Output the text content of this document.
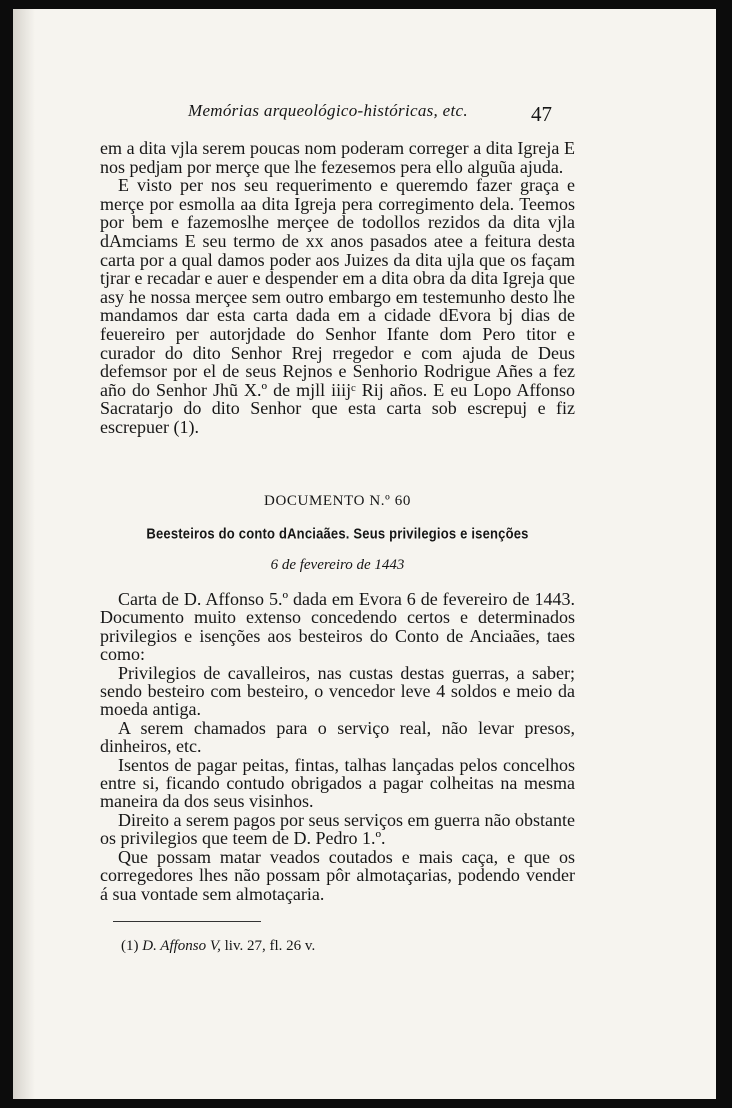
Memórias arqueológico-históricas, etc.	47

em a dita vjla serem poucas nom poderam correger a dita Igreja E nos pedjam por merçe que lhe fezesemos pera ello alguũa ajuda.

E visto per nos seu requerimento e queremdo fazer graça e merçe por esmolla aa dita Igreja pera corregimento dela. Teemos por bem e fazemoslhe merçee de todollos rezidos da dita vjla dAmciams E seu termo de xx anos pasados atee a feitura desta carta por a qual damos poder aos Juizes da dita ujla que os façam tjrar e recadar e auer e despender em a dita obra da dita Igreja que asy he nossa merçee sem outro embargo em testemunho desto lhe mandamos dar esta carta dada em a cidade dEvora bj dias de feuereiro per autorjdade do Senhor Ifante dom Pero titor e curador do dito Senhor Rrej rregedor e com ajuda de Deus defemsor por el de seus Rejnos e Senhorio Rodrigue Añes a fez año do Senhor Jhũ X.º de mjll iiijᶜ Rij años. E eu Lopo Affonso Sacratarjo do dito Senhor que esta carta sob escrepuj e fiz escrepuer (1).

DOCUMENTO N.º 60
Beesteiros do conto dAnciaães. Seus privilegios e isenções
6 de fevereiro de 1443

Carta de D. Affonso 5.º dada em Evora 6 de fevereiro de 1443. Documento muito extenso concedendo certos e determinados privilegios e isenções aos besteiros do Conto de Anciaães, taes como:

Privilegios de cavalleiros, nas custas destas guerras, a saber; sendo besteiro com besteiro, o vencedor leve 4 soldos e meio da moeda antiga.

A serem chamados para o serviço real, não levar presos, dinheiros, etc.

Isentos de pagar peitas, fintas, talhas lançadas pelos concelhos entre si, ficando contudo obrigados a pagar colheitas na mesma maneira da dos seus visinhos.

Direito a serem pagos por seus serviços em guerra não obstante os privilegios que teem de D. Pedro 1.º.

Que possam matar veados coutados e mais caça, e que os corregedores lhes não possam pôr almotaçarias, podendo vender á sua vontade sem almotaçaria.

(1) D. Affonso V, liv. 27, fl. 26 v.
